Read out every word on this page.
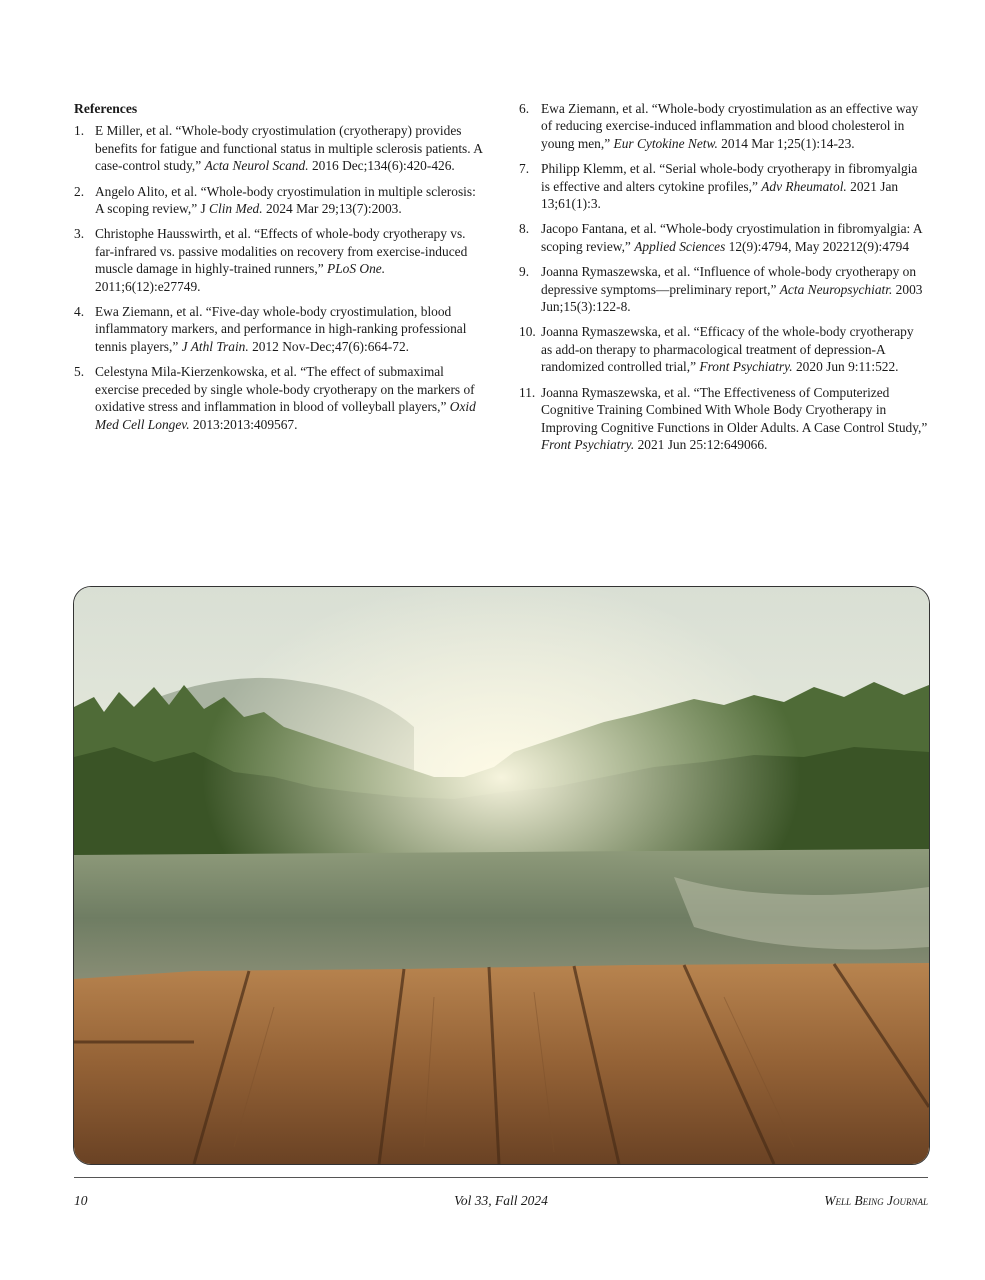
References
1. E Miller, et al. “Whole-body cryostimulation (cryotherapy) provides benefits for fatigue and functional status in multiple sclerosis patients. A case-control study,” Acta Neurol Scand. 2016 Dec;134(6):420-426.
2. Angelo Alito, et al. “Whole-body cryostimulation in multiple sclerosis: A scoping review,” J Clin Med. 2024 Mar 29;13(7):2003.
3. Christophe Hausswirth, et al. “Effects of whole-body cryotherapy vs. far-infrared vs. passive modalities on recovery from exercise-induced muscle damage in highly-trained runners,” PLoS One. 2011;6(12):e27749.
4. Ewa Ziemann, et al. “Five-day whole-body cryostimulation, blood inflammatory markers, and performance in high-ranking professional tennis players,” J Athl Train. 2012 Nov-Dec;47(6):664-72.
5. Celestyna Mila-Kierzenkowska, et al. “The effect of submaximal exercise preceded by single whole-body cryotherapy on the markers of oxidative stress and inflammation in blood of volleyball players,” Oxid Med Cell Longev. 2013:2013:409567.
6. Ewa Ziemann, et al. “Whole-body cryostimulation as an effective way of reducing exercise-induced inflammation and blood cholesterol in young men,” Eur Cytokine Netw. 2014 Mar 1;25(1):14-23.
7. Philipp Klemm, et al. “Serial whole-body cryotherapy in fibromyalgia is effective and alters cytokine profiles,” Adv Rheumatol. 2021 Jan 13;61(1):3.
8. Jacopo Fantana, et al. “Whole-body cryostimulation in fibromyalgia: A scoping review,” Applied Sciences 12(9):4794, May 202212(9):4794
9. Joanna Rymaszewska, et al. “Influence of whole-body cryotherapy on depressive symptoms—preliminary report,” Acta Neuropsychiatr. 2003 Jun;15(3):122-8.
10. Joanna Rymaszewska, et al. “Efficacy of the whole-body cryotherapy as add-on therapy to pharmacological treatment of depression-A randomized controlled trial,” Front Psychiatry. 2020 Jun 9:11:522.
11. Joanna Rymaszewska, et al. “The Effectiveness of Computerized Cognitive Training Combined With Whole Body Cryotherapy in Improving Cognitive Functions in Older Adults. A Case Control Study,” Front Psychiatry. 2021 Jun 25:12:649066.
10	Vol 33, Fall 2024	Well Being Journal
